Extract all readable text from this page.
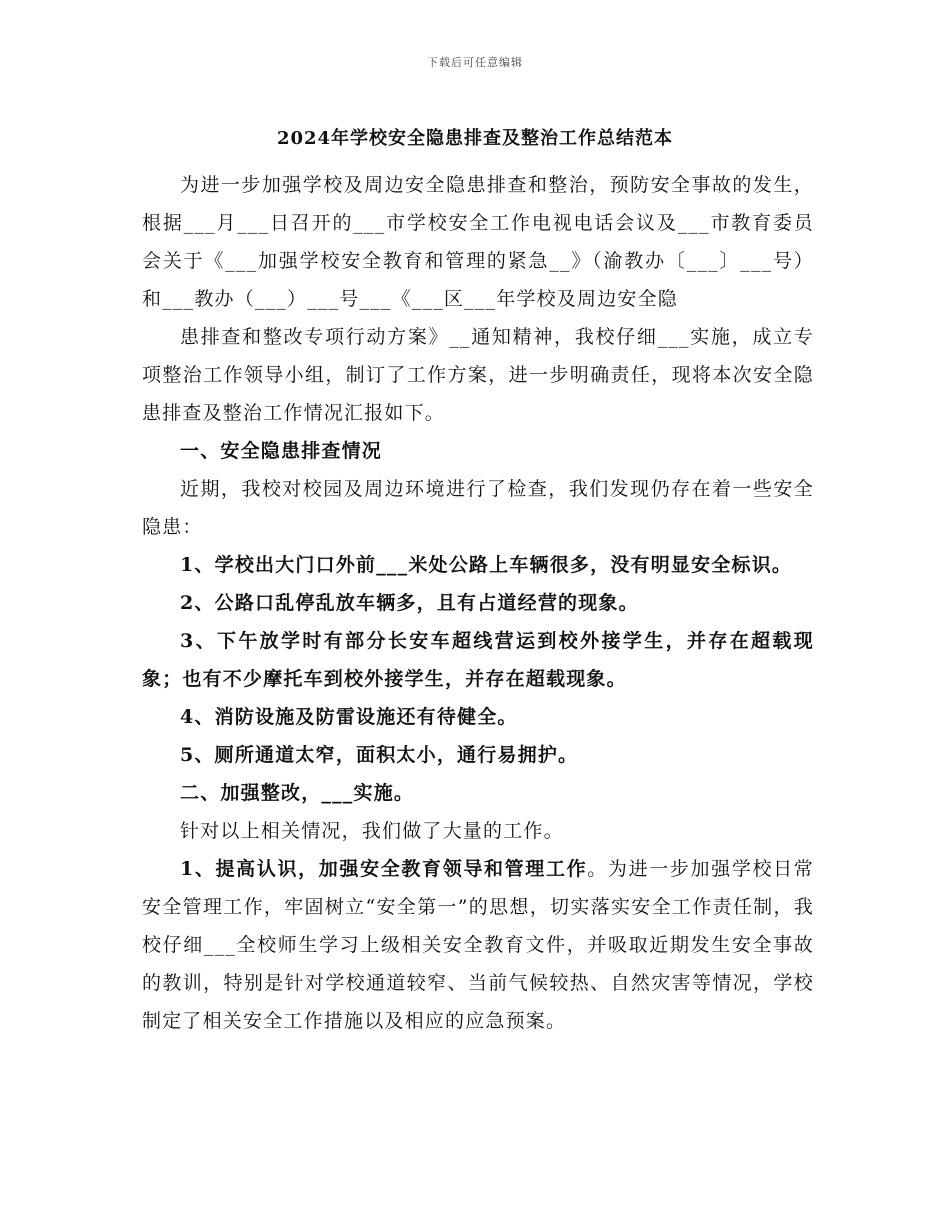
下载后可任意编辑
2024年学校安全隐患排查及整治工作总结范本

为进一步加强学校及周边安全隐患排查和整治，预防安全事故的发生，根据___月___日召开的___市学校安全工作电视电话会议及___市教育委员会关于《___加强学校安全教育和管理的紧急__》（渝教办〔___〕___号）和___教办（___）___号___《___区___年学校及周边安全隐

患排查和整改专项行动方案》__通知精神，我校仔细___实施，成立专项整治工作领导小组，制订了工作方案，进一步明确责任，现将本次安全隐患排查及整治工作情况汇报如下。

一、安全隐患排查情况

近期，我校对校园及周边环境进行了检查，我们发现仍存在着一些安全隐患：

1、学校出大门口外前___米处公路上车辆很多，没有明显安全标识。

2、公路口乱停乱放车辆多，且有占道经营的现象。

3、下午放学时有部分长安车超线营运到校外接学生，并存在超载现象；也有不少摩托车到校外接学生，并存在超载现象。

4、消防设施及防雷设施还有待健全。

5、厕所通道太窄，面积太小，通行易拥护。

二、加强整改，___实施。

针对以上相关情况，我们做了大量的工作。

1、提高认识，加强安全教育领导和管理工作。为进一步加强学校日常安全管理工作，牢固树立“安全第一”的思想，切实落实安全工作责任制，我校仔细___全校师生学习上级相关安全教育文件，并吸取近期发生安全事故的教训，特别是针对学校通道较窄、当前气候较热、自然灾害等情况，学校制定了相关安全工作措施以及相应的应急预案。
